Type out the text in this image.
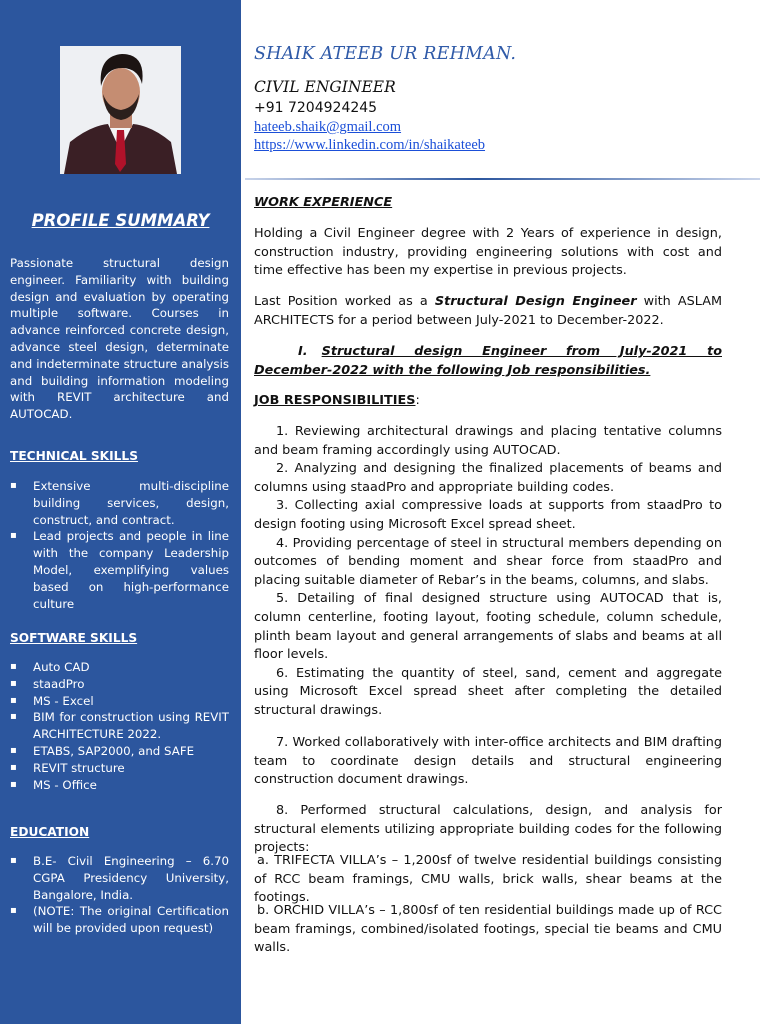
PROFILE SUMMARY
Passionate structural design engineer. Familiarity with building design and evaluation by operating multiple software. Courses in advance reinforced concrete design, advance steel design, determinate and indeterminate structure analysis and building information modeling with REVIT architecture and AUTOCAD.
TECHNICAL SKILLS
▪ Extensive multi-discipline building services, design, construct, and contract.
▪ Lead projects and people in line with the company Leadership Model, exemplifying values based on high-performance culture
SOFTWARE SKILLS
▪ Auto CAD
▪ staadPro
▪ MS - Excel
▪ BIM for construction using REVIT ARCHITECTURE 2022.
▪ ETABS, SAP2000, and SAFE
▪ REVIT structure
▪ MS - Office
EDUCATION
▪ B.E- Civil Engineering – 6.70 CGPA Presidency University, Bangalore, India.
▪ (NOTE: The original Certification will be provided upon request)
SHAIK ATEEB UR REHMAN.
CIVIL ENGINEER
+91 7204924245
hateeb.shaik@gmail.com
https://www.linkedin.com/in/shaikateeb
WORK EXPERIENCE
Holding a Civil Engineer degree with 2 Years of experience in design, construction industry, providing engineering solutions with cost and time effective has been my expertise in previous projects.
Last Position worked as a Structural Design Engineer with ASLAM ARCHITECTS for a period between July-2021 to December-2022.
I. Structural design Engineer from July-2021 to December-2022 with the following Job responsibilities.
JOB RESPONSIBILITIES:
1. Reviewing architectural drawings and placing tentative columns and beam framing accordingly using AUTOCAD.
2. Analyzing and designing the finalized placements of beams and columns using staadPro and appropriate building codes.
3. Collecting axial compressive loads at supports from staadPro to design footing using Microsoft Excel spread sheet.
4. Providing percentage of steel in structural members depending on outcomes of bending moment and shear force from staadPro and placing suitable diameter of Rebar’s in the beams, columns, and slabs.
5. Detailing of final designed structure using AUTOCAD that is, column centerline, footing layout, footing schedule, column schedule, plinth beam layout and general arrangements of slabs and beams at all floor levels.
6. Estimating the quantity of steel, sand, cement and aggregate using Microsoft Excel spread sheet after completing the detailed structural drawings.
7. Worked collaboratively with inter-office architects and BIM drafting team to coordinate design details and structural engineering construction document drawings.
8. Performed structural calculations, design, and analysis for structural elements utilizing appropriate building codes for the following projects:
a. TRIFECTA VILLA’s – 1,200sf of twelve residential buildings consisting of RCC beam framings, CMU walls, brick walls, shear beams at the footings.
b. ORCHID VILLA’s – 1,800sf of ten residential buildings made up of RCC beam framings, combined/isolated footings, special tie beams and CMU walls.
